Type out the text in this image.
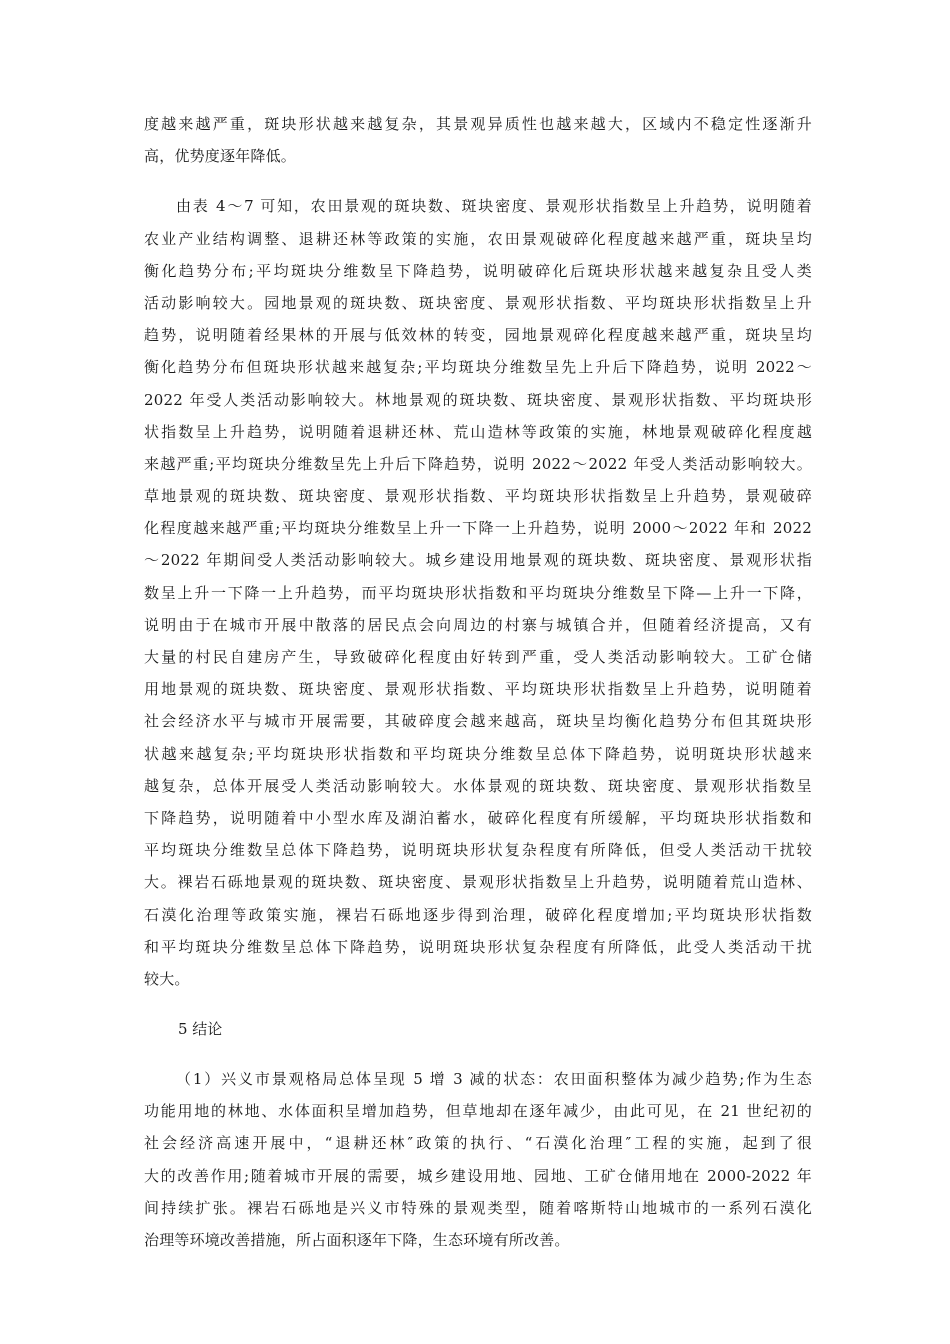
度越来越严重，斑块形状越来越复杂，其景观异质性也越来越大，区域内不稳定性逐渐升
高，优势度逐年降低。
由表 4～7 可知，农田景观的斑块数、斑块密度、景观形状指数呈上升趋势，说明随着
农业产业结构调整、退耕还林等政策的实施，农田景观破碎化程度越来越严重，斑块呈均
衡化趋势分布;平均斑块分维数呈下降趋势，说明破碎化后斑块形状越来越复杂且受人类
活动影响较大。园地景观的斑块数、斑块密度、景观形状指数、平均斑块形状指数呈上升
趋势，说明随着经果林的开展与低效林的转变，园地景观碎化程度越来越严重，斑块呈均
衡化趋势分布但斑块形状越来越复杂;平均斑块分维数呈先上升后下降趋势，说明 2022～
2022 年受人类活动影响较大。林地景观的斑块数、斑块密度、景观形状指数、平均斑块形
状指数呈上升趋势，说明随着退耕还林、荒山造林等政策的实施，林地景观破碎化程度越
来越严重;平均斑块分维数呈先上升后下降趋势，说明 2022～2022 年受人类活动影响较大。
草地景观的斑块数、斑块密度、景观形状指数、平均斑块形状指数呈上升趋势，景观破碎
化程度越来越严重;平均斑块分维数呈上升一下降一上升趋势，说明 2000～2022 年和 2022
～2022 年期间受人类活动影响较大。城乡建设用地景观的斑块数、斑块密度、景观形状指
数呈上升一下降一上升趋势，而平均斑块形状指数和平均斑块分维数呈下降—上升一下降，
说明由于在城市开展中散落的居民点会向周边的村寨与城镇合并，但随着经济提高，又有
大量的村民自建房产生，导致破碎化程度由好转到严重，受人类活动影响较大。工矿仓储
用地景观的斑块数、斑块密度、景观形状指数、平均斑块形状指数呈上升趋势，说明随着
社会经济水平与城市开展需要，其破碎度会越来越高，斑块呈均衡化趋势分布但其斑块形
状越来越复杂;平均斑块形状指数和平均斑块分维数呈总体下降趋势，说明斑块形状越来
越复杂，总体开展受人类活动影响较大。水体景观的斑块数、斑块密度、景观形状指数呈
下降趋势，说明随着中小型水库及湖泊蓄水，破碎化程度有所缓解，平均斑块形状指数和
平均斑块分维数呈总体下降趋势，说明斑块形状复杂程度有所降低，但受人类活动干扰较
大。裸岩石砾地景观的斑块数、斑块密度、景观形状指数呈上升趋势，说明随着荒山造林、
石漠化治理等政策实施，裸岩石砾地逐步得到治理，破碎化程度增加;平均斑块形状指数
和平均斑块分维数呈总体下降趋势，说明斑块形状复杂程度有所降低，此受人类活动干扰
较大。
5 结论
（1）兴义市景观格局总体呈现 5 增 3 减的状态：农田面积整体为减少趋势;作为生态
功能用地的林地、水体面积呈增加趋势，但草地却在逐年减少，由此可见，在 21 世纪初的
社会经济高速开展中，“退耕还林″政策的执行、“石漠化治理″工程的实施，起到了很
大的改善作用;随着城市开展的需要，城乡建设用地、园地、工矿仓储用地在 2000-2022 年
间持续扩张。裸岩石砾地是兴义市特殊的景观类型，随着喀斯特山地城市的一系列石漠化
治理等环境改善措施，所占面积逐年下降，生态环境有所改善。
